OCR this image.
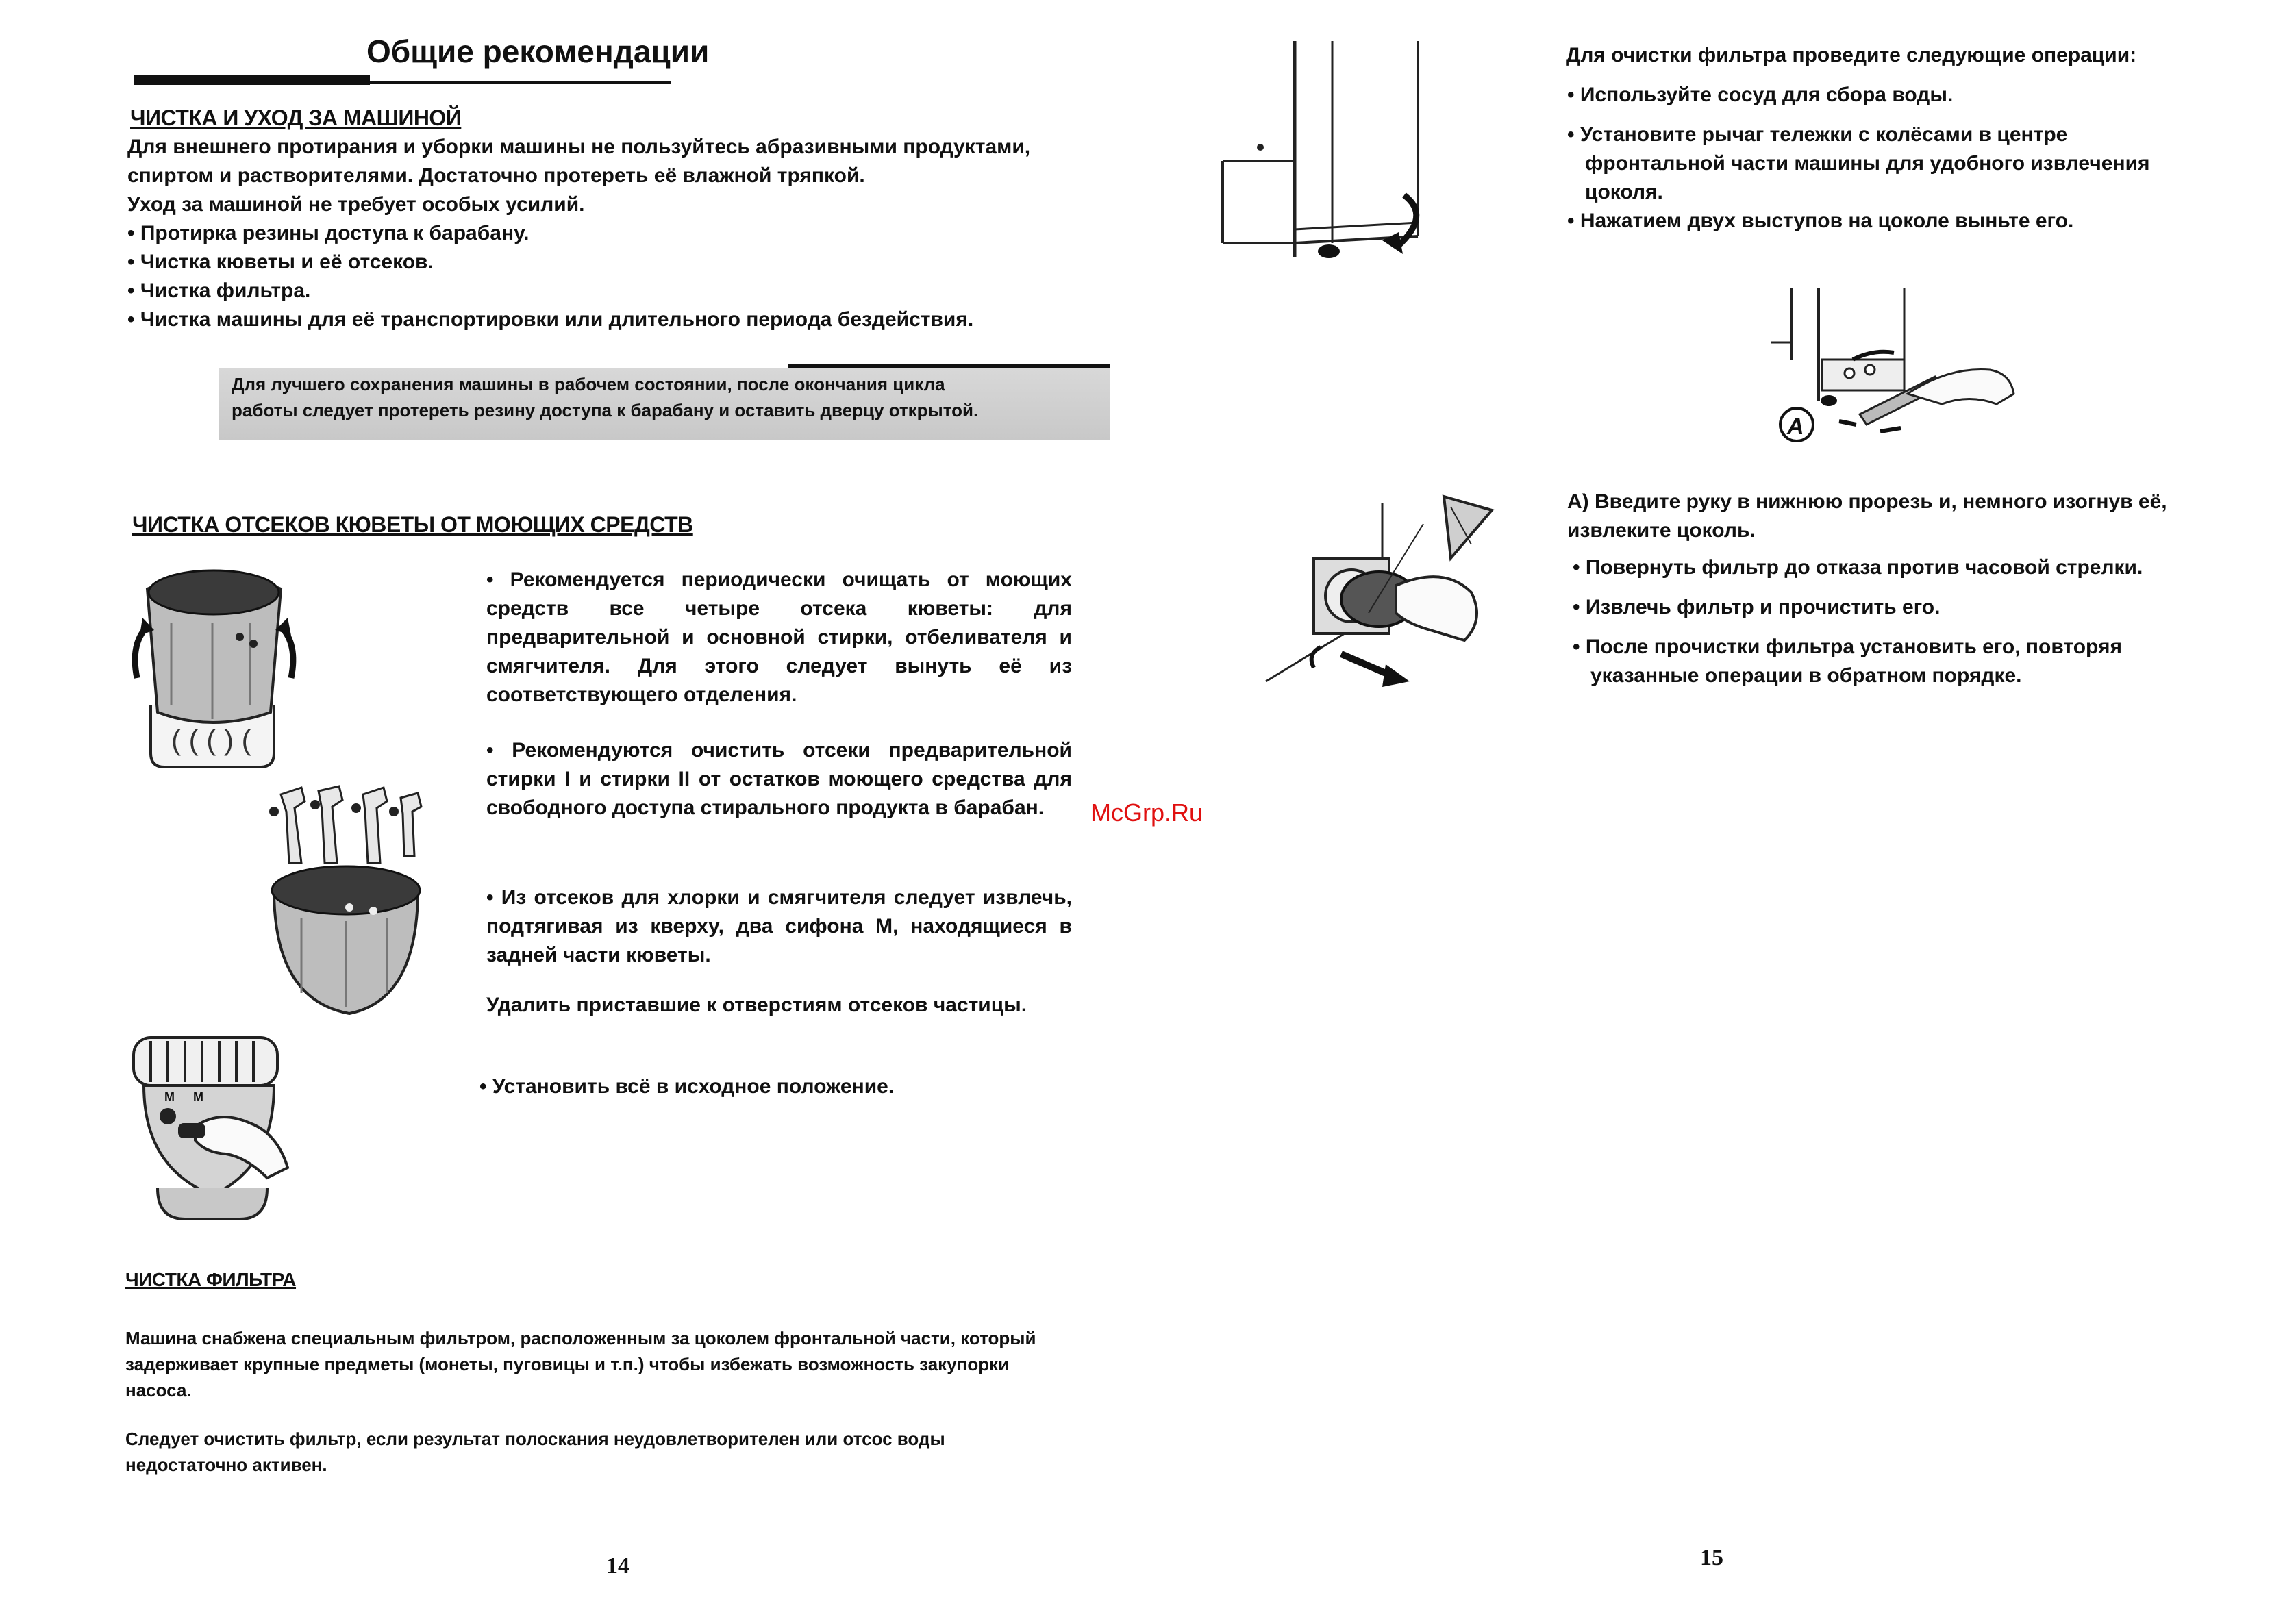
Общие рекомендации
ЧИСТКА И УХОД ЗА МАШИНОЙ
Для внешнего протирания и уборки машины не пользуйтесь абразивными продуктами,
спиртом и растворителями. Достаточно протереть её влажной тряпкой.
Уход за машиной не требует особых усилий.
• Протирка резины доступа к барабану.
• Чистка кюветы и её отсеков.
• Чистка фильтра.
• Чистка машины для её транспортировки или длительного периода бездействия.
Для лучшего сохранения машины в рабочем состоянии, после окончания цикла
работы следует протереть резину доступа к барабану и оставить дверцу открытой.
ЧИСТКА ОТСЕКОВ КЮВЕТЫ ОТ МОЮЩИХ СРЕДСТВ
• Рекомендуется периодически очищать от моющих средств все четыре отсека кюветы: для предварительной и основной стирки, отбеливателя и смягчителя. Для этого следует вынуть её из соответствующего отделения.
• Рекомендуются очистить отсеки предварительной стирки I и стирки II от остатков моющего средства для свободного доступа стирального продукта в барабан.
• Из отсеков для хлорки и смягчителя следует извлечь, подтягивая из кверху, два сифона М, находящиеся в задней части кюветы.
Удалить приставшие к отверстиям отсеков частицы.
• Установить всё в исходное положение.
( ( ( ) (
M M
ЧИСТКА ФИЛЬТРА
Машина снабжена специальным фильтром, расположенным за цоколем фронтальной части, который
задерживает крупные предметы (монеты, пуговицы и т.п.) чтобы избежать возможность закупорки
насоса.
Следует очистить фильтр, если результат полоскания неудовлетворителен или отсос воды
недостаточно активен.
14
McGrp.Ru
Для очистки фильтра проведите следующие операции:
• Используйте сосуд для сбора воды.
• Установите рычаг тележки с колёсами в центре
фронтальной части машины для удобного извлечения
цоколя.
• Нажатием двух выступов на цоколе выньте его.
A
А) Введите руку в нижнюю прорезь и, немного изогнув её,
извлеките цоколь.
• Повернуть фильтр до отказа против часовой стрелки.
• Извлечь фильтр и прочистить его.
• После прочистки фильтра установить его, повторяя
указанные операции в обратном порядке.
15
